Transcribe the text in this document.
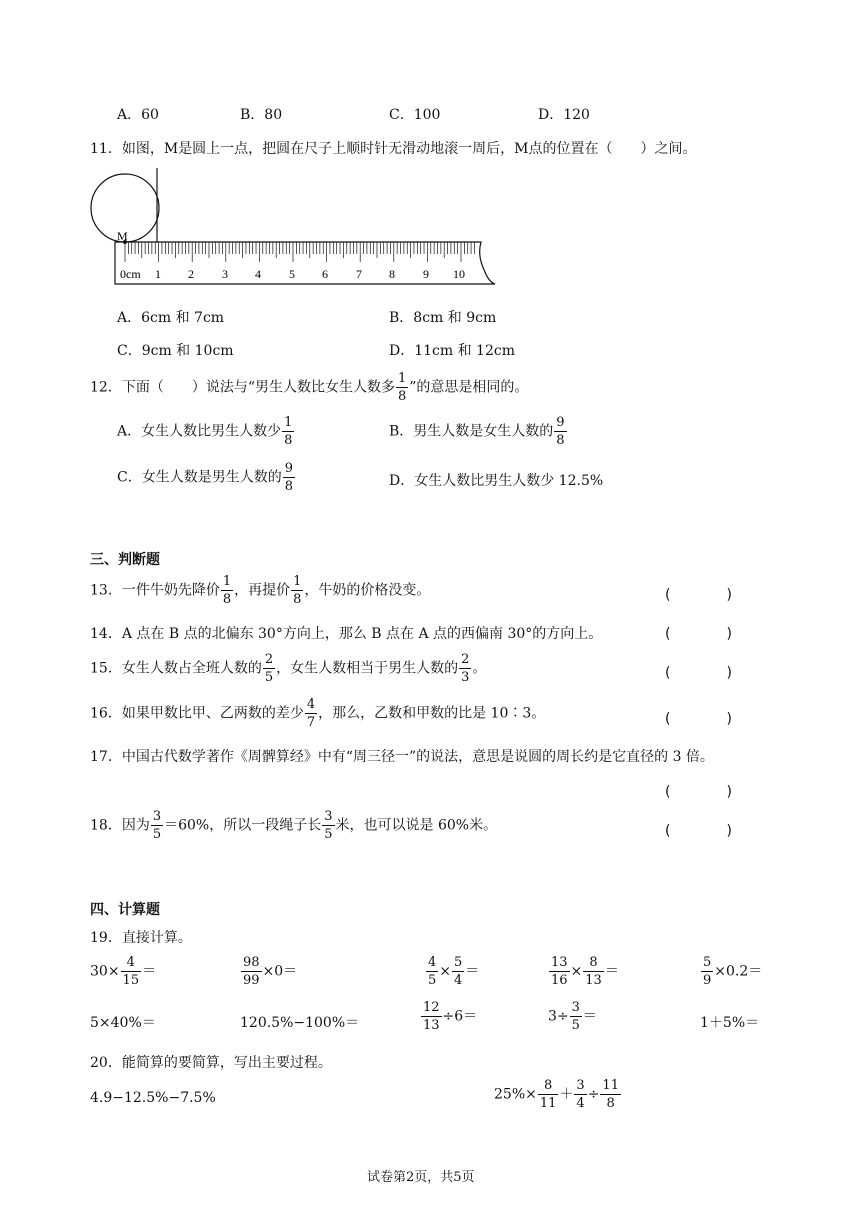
A．60	B．80	C．100	D．120
11．如图，M是圆上一点，把圆在尺子上顺时针无滑动地滚一周后，M点的位置在（　　）之间。
M
0cm 1 2 3 4 5 6 7 8 9 10
A．6cm 和 7cm	B．8cm 和 9cm
C．9cm 和 10cm	D．11cm 和 12cm
12．下面（　　）说法与“男生人数比女生人数多 $\frac{1}{8}$ ”的意思是相同的。
A．女生人数比男生人数少 $\frac{1}{8}$	B．男生人数是女生人数的 $\frac{9}{8}$
C．女生人数是男生人数的 $\frac{9}{8}$	D．女生人数比男生人数少 12.5%
三、判断题
13．一件牛奶先降价 $\frac{1}{8}$ ，再提价 $\frac{1}{8}$ ，牛奶的价格没变。	(　　　　)
14．A 点在 B 点的北偏东 30°方向上，那么 B 点在 A 点的西偏南 30°的方向上。	(　　　　)
15．女生人数占全班人数的 $\frac{2}{5}$ ，女生人数相当于男生人数的 $\frac{2}{3}$ 。	(　　　　)
16．如果甲数比甲、乙两数的差少 $\frac{4}{7}$ ，那么，乙数和甲数的比是 10∶3。	(　　　　)
17．中国古代数学著作《周髀算经》中有“周三径一”的说法，意思是说圆的周长约是它直径的 3 倍。
(　　　　)
18．因为 $\frac{3}{5} =60\%$，所以一段绳子长 $\frac{3}{5}$ 米，也可以说是 60%米。	(　　　　)
四、计算题
19．直接计算。
$30\times \frac{4}{15}$ ＝	$\frac{98}{99} \times 0=$	$\frac{4}{5} \times \frac{5}{4}$ ＝	$\frac{13}{16} \times \frac{8}{13}$ ＝	$\frac{5}{9} \times 0.2=$
5×40%＝	120.5%−100%＝	$\frac{12}{13} \div 6=$	$3\div \frac{3}{5}$ ＝	1＋5%＝
20．能简算的要简算，写出主要过程。
4.9−12.5%−7.5%	$25\%\times \frac{8}{11} + \frac{3}{4} \div \frac{11}{8}$
试卷第2页，共5页
